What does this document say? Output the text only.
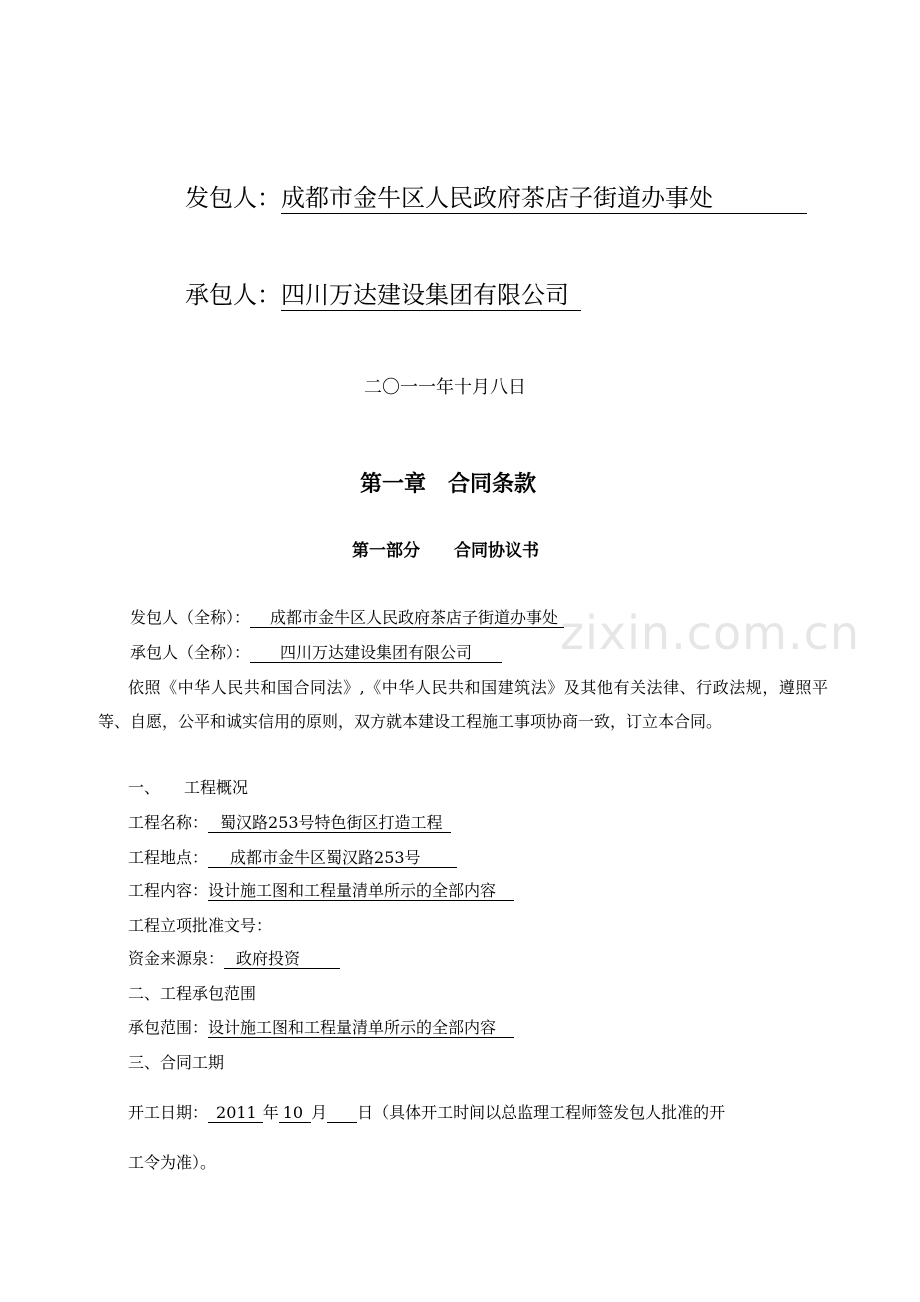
zixin.com.cn
发包人：成都市金牛区人民政府茶店子街道办事处
承包人：四川万达建设集团有限公司
二〇一一年十月八日
第一章　合同条款
第一部分　　合同协议书
发包人（全称）： 成都市金牛区人民政府茶店子街道办事处
承包人（全称）： 四川万达建设集团有限公司
依照《中华人民共和国合同法》,《中华人民共和国建筑法》及其他有关法律、行政法规，遵照平等、自愿，公平和诚实信用的原则，双方就本建设工程施工事项协商一致，订立本合同。
一、　　工程概况
工程名称： 蜀汉路253号特色街区打造工程
工程地点： 成都市金牛区蜀汉路253号
工程内容：设计施工图和工程量清单所示的全部内容
工程立项批准文号：
资金来源泉： 政府投资
二、工程承包范围
承包范围：设计施工图和工程量清单所示的全部内容
三、合同工期
开工日期： 2011 年 10 月 日（具体开工时间以总监理工程师签发包人批准的开
工令为准）。
